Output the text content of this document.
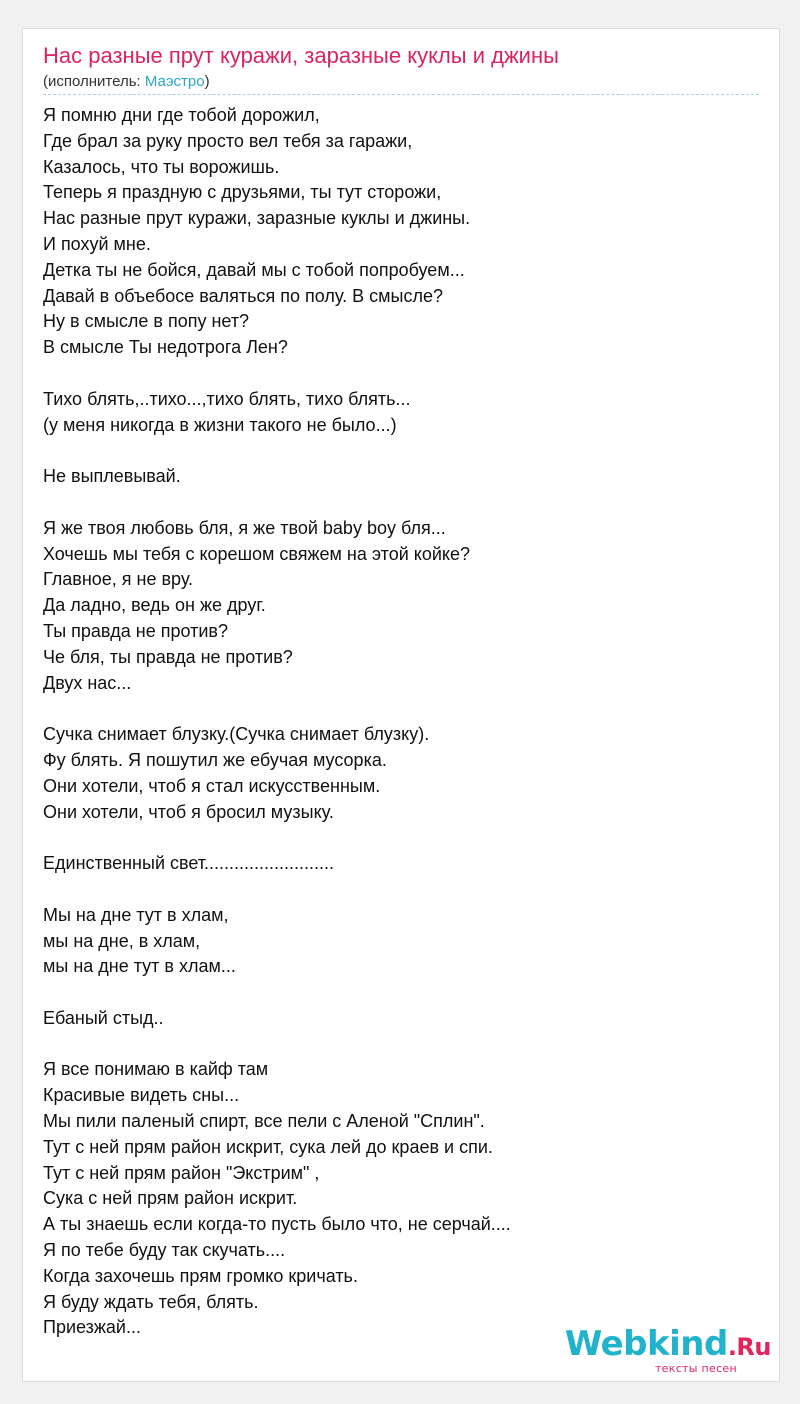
Нас разные прут куражи, заразные куклы и джины
(исполнитель: Маэстро)
Я помню дни где тобой дорожил,
Где брал за руку просто вел тебя за гаражи,
Казалось, что ты ворожишь.
Теперь я праздную с друзьями, ты тут сторожи,
Нас разные прут куражи, заразные куклы и джины.
И похуй мне.
Детка ты не бойся, давай мы с тобой попробуем...
Давай в объебосе валяться по полу. В смысле?
Ну в смысле в попу нет?
В смысле Ты недотрога Лен?
Тихо блять,..тихо...,тихо блять, тихо блять...
(у меня никогда в жизни такого не было...)
Не выплевывай.
Я же твоя любовь бля, я же твой baby boy бля...
Хочешь мы тебя с корешом свяжем на этой койке?
Главное, я не вру.
Да ладно, ведь он же друг.
Ты правда не против?
Че бля, ты правда не против?
Двух нас...
Сучка снимает блузку.(Сучка снимает блузку).
Фу блять. Я пошутил же ебучая мусорка.
Они хотели, чтоб я стал искусственным.
Они хотели, чтоб я бросил музыку.
Единственный свет..........................
Мы на дне тут в хлам,
мы на дне, в хлам,
мы на дне тут в хлам...
Ебаный стыд..
Я все понимаю в кайф там
Красивые видеть сны...
Мы пили паленый спирт, все пели с Аленой "Сплин".
Тут с ней прям район искрит, сука лей до краев и спи.
Тут с ней прям район "Экстрим" ,
Сука с ней прям район искрит.
А ты знаешь если когда-то пусть было что, не серчай....
Я по тебе буду так скучать....
Когда захочешь прям громко кричать.
Я буду ждать тебя, блять.
Приезжай...	Webkind.Ru
тексты песен
